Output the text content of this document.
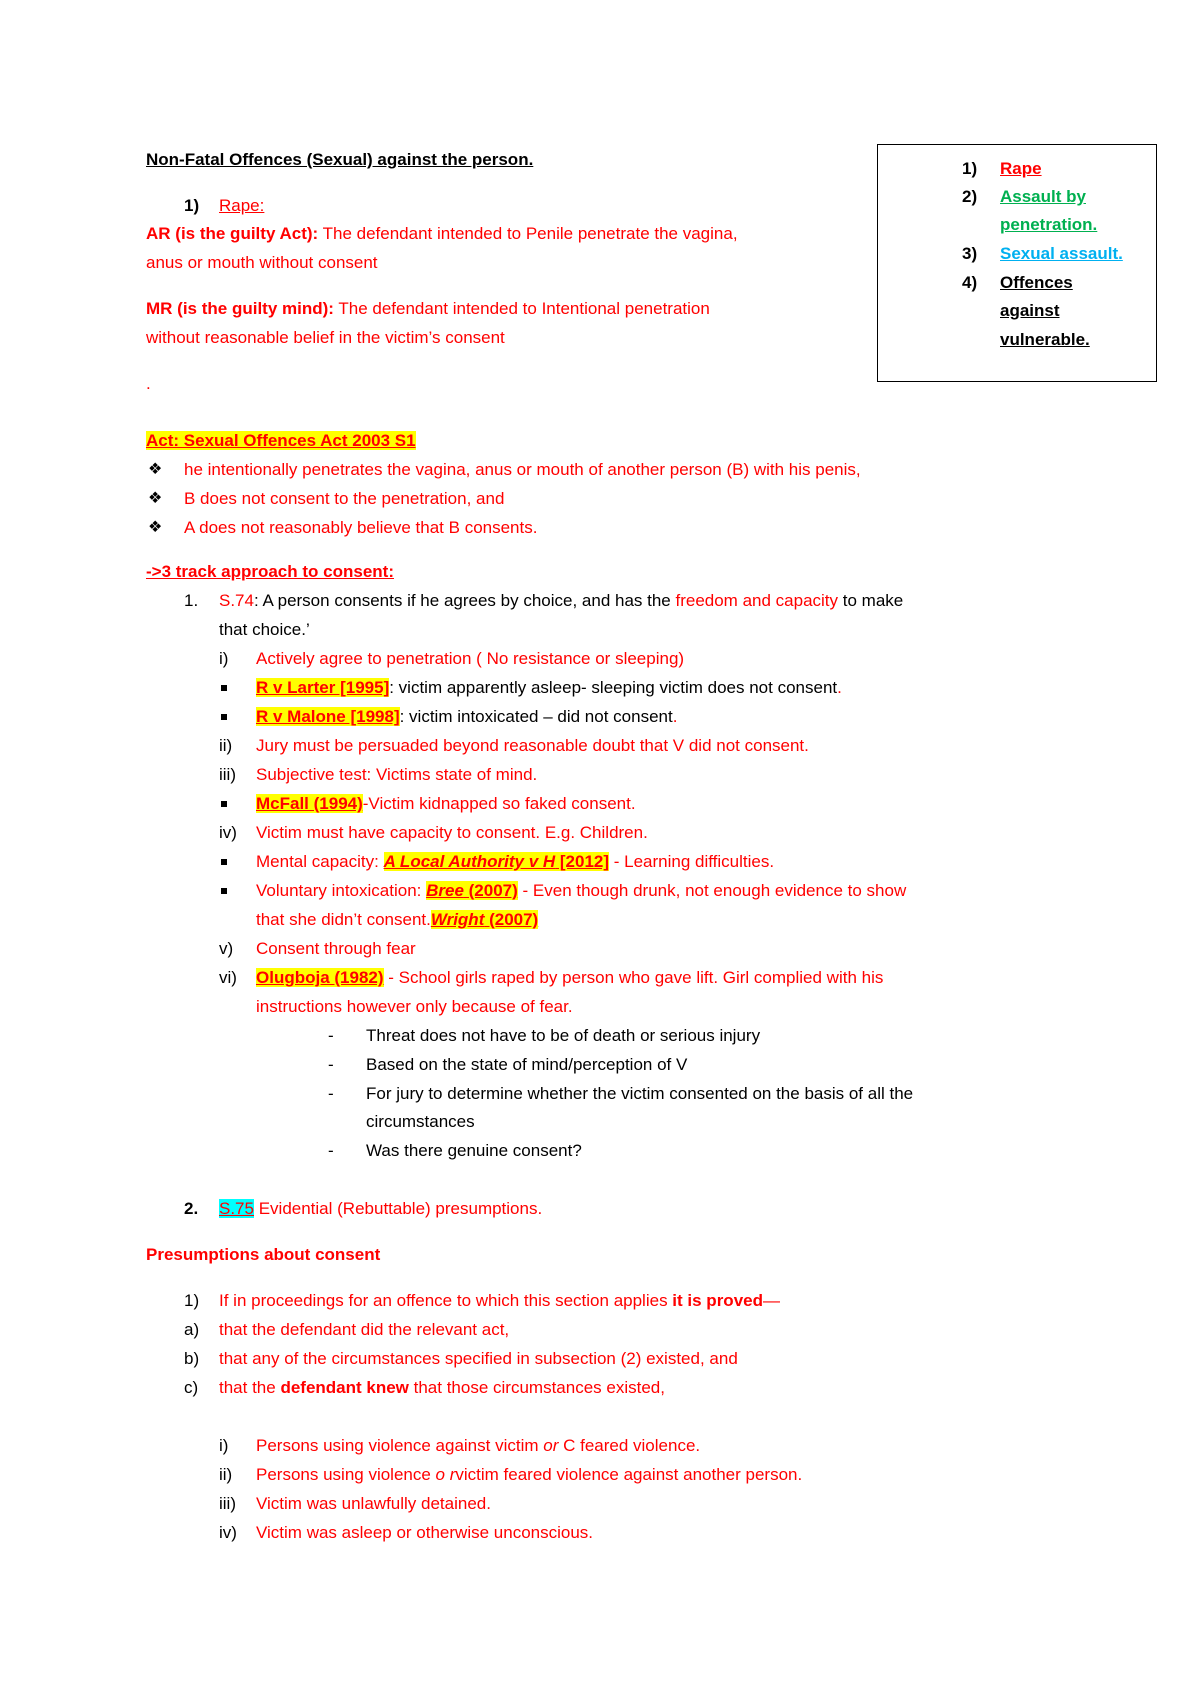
Non-Fatal Offences (Sexual) against the person.	1) Rape
2) Assault by
penetration.
3) Sexual assault.
4) Offences
against
vulnerable.
1) Rape:
AR (is the guilty Act): The defendant intended to Penile penetrate the vagina,
anus or mouth without consent
MR (is the guilty mind): The defendant intended to Intentional penetration
without reasonable belief in the victim’s consent
.
Act: Sexual Offences Act 2003 S1
❖ he intentionally penetrates the vagina, anus or mouth of another person (B) with his penis,
❖ B does not consent to the penetration, and
❖ A does not reasonably believe that B consents.
->3 track approach to consent:
1. S.74: A person consents if he agrees by choice, and has the freedom and capacity to make
that choice.’
i) Actively agree to penetration ( No resistance or sleeping)
R v Larter [1995]: victim apparently asleep- sleeping victim does not consent.
R v Malone [1998]: victim intoxicated – did not consent.
ii) Jury must be persuaded beyond reasonable doubt that V did not consent.
iii) Subjective test: Victims state of mind.
McFall (1994)-Victim kidnapped so faked consent.
iv) Victim must have capacity to consent. E.g. Children.
Mental capacity: A Local Authority v H [2012] - Learning difficulties.
Voluntary intoxication: Bree (2007) - Even though drunk, not enough evidence to show
that she didn’t consent.Wright (2007)
v) Consent through fear
vi) Olugboja (1982) - School girls raped by person who gave lift. Girl complied with his
instructions however only because of fear.
- Threat does not have to be of death or serious injury
- Based on the state of mind/perception of V
- For jury to determine whether the victim consented on the basis of all the
circumstances
- Was there genuine consent?
2. S.75 Evidential (Rebuttable) presumptions.
Presumptions about consent
1) If in proceedings for an offence to which this section applies it is proved—
a) that the defendant did the relevant act,
b) that any of the circumstances specified in subsection (2) existed, and
c) that the defendant knew that those circumstances existed,
i) Persons using violence against victim or C feared violence.
ii) Persons using violence o rvictim feared violence against another person.
iii) Victim was unlawfully detained.
iv) Victim was asleep or otherwise unconscious.
